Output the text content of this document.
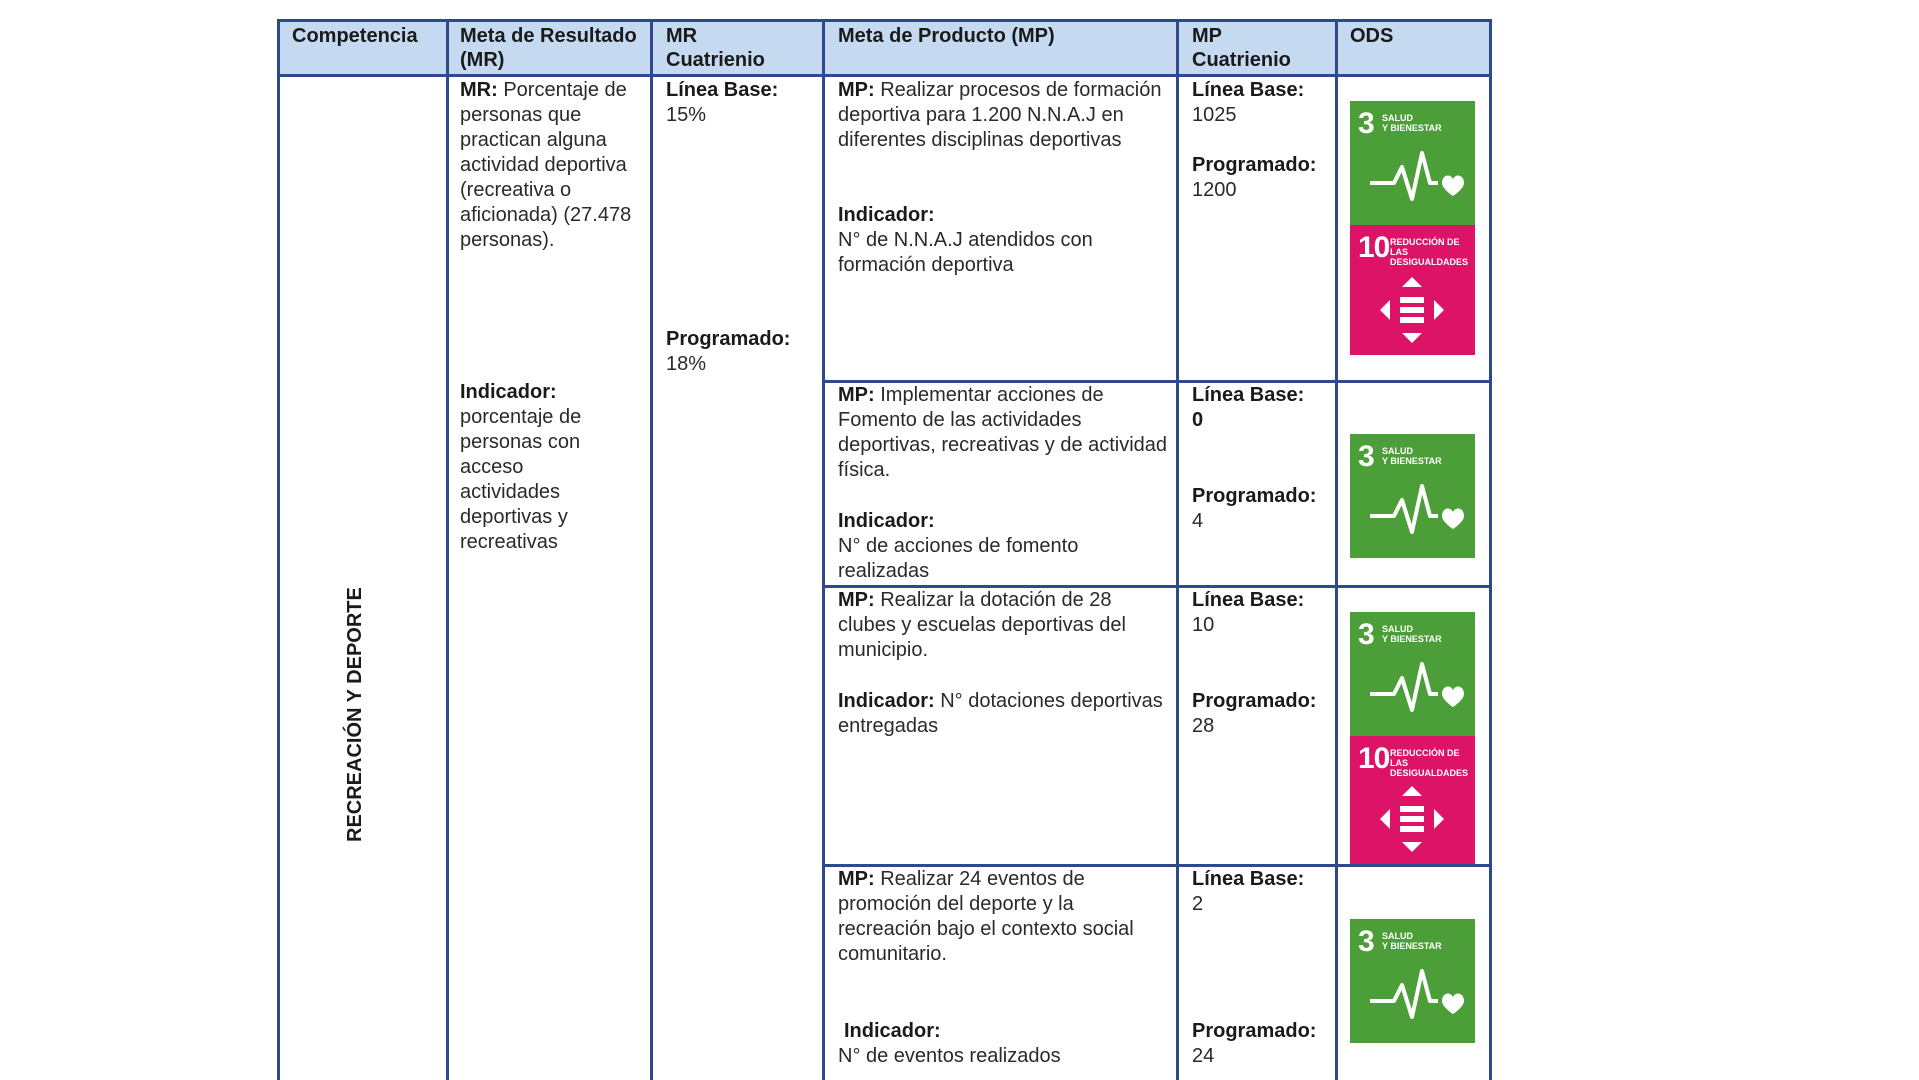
Competencia	Meta de Resultado (MR)
MR Cuatrienio
Meta de Producto (MP)	MP Cuatrienio
ODS
RECREACIÓN Y DEPORTE
MR: Porcentaje de personas que practican alguna actividad deportiva (recreativa o aficionada) (27.478 personas).
Indicador:
porcentaje de personas con acceso actividades deportivas y recreativas
Línea Base:
15%
Programado:
18%
MP: Realizar procesos de formación deportiva para 1.200 N.N.A.J en diferentes disciplinas deportivas
Indicador:
N° de N.N.A.J atendidos con formación deportiva
Línea Base:
1025
Programado:
1200
MP: Implementar acciones de Fomento de las actividades deportivas, recreativas y de actividad física.
Indicador:
N° de acciones de fomento realizadas
Línea Base:
0
Programado:
4
MP: Realizar la dotación de 28 clubes y escuelas deportivas del municipio.
Indicador: N° dotaciones deportivas entregadas
Línea Base:
10
Programado:
28
MP: Realizar 24 eventos de promoción del deporte y la recreación bajo el contexto social comunitario.
Indicador:
N° de eventos realizados
Línea Base:
2
Programado:
24
3 SALUD
Y BIENESTAR
10 REDUCCIÓN DE LAS
DESIGUALDADES
3 SALUD
Y BIENESTAR
3 SALUD
Y BIENESTAR
10 REDUCCIÓN DE LAS
DESIGUALDADES
3 SALUD
Y BIENESTAR
